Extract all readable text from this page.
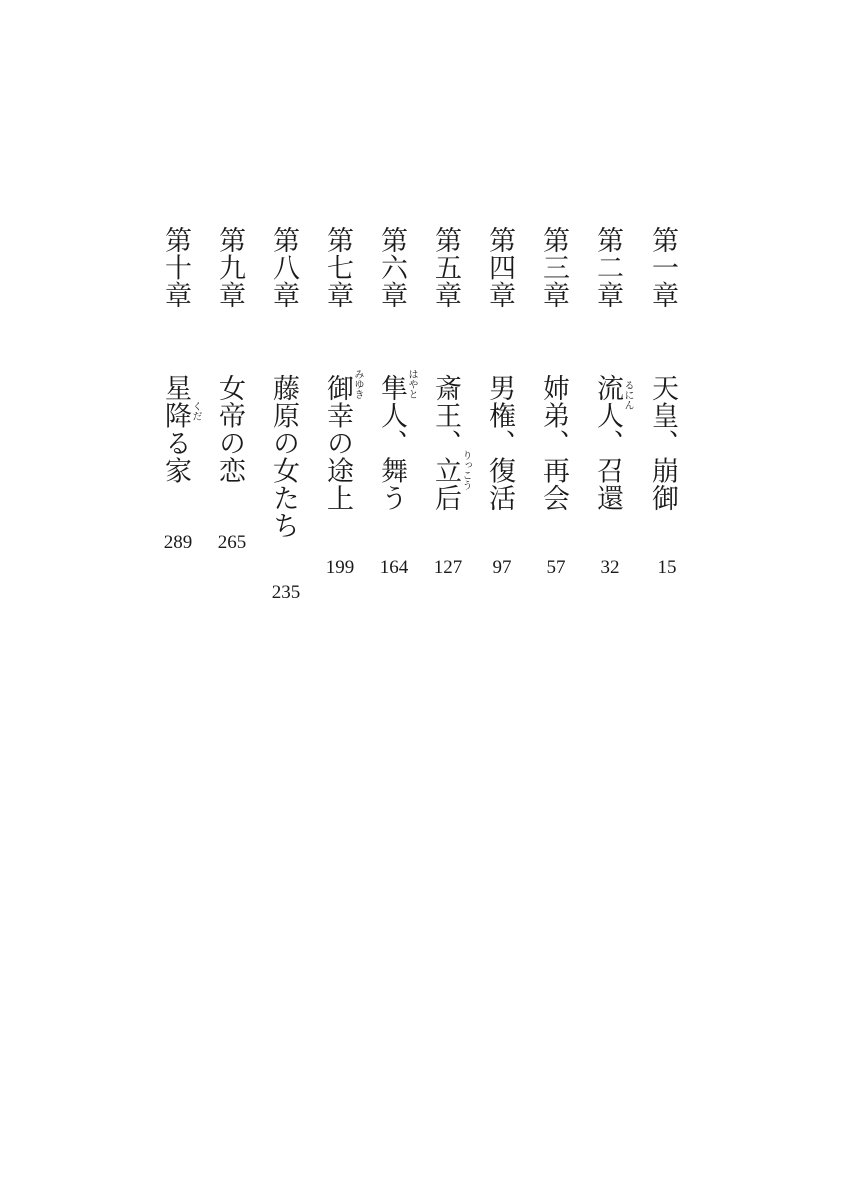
第一章
天皇、崩御
15
第二章
流人、召還 るにん
32
第三章
姉弟、再会
57
第四章
男権、復活
97
第五章
斎王、立后 りっこう
127
第六章
隼人、舞う はやと
164
第七章
御幸の途上 みゆき
199
第八章
藤原の女たち
235
第九章
女帝の恋
265
第十章
星降る家 くだ
289
